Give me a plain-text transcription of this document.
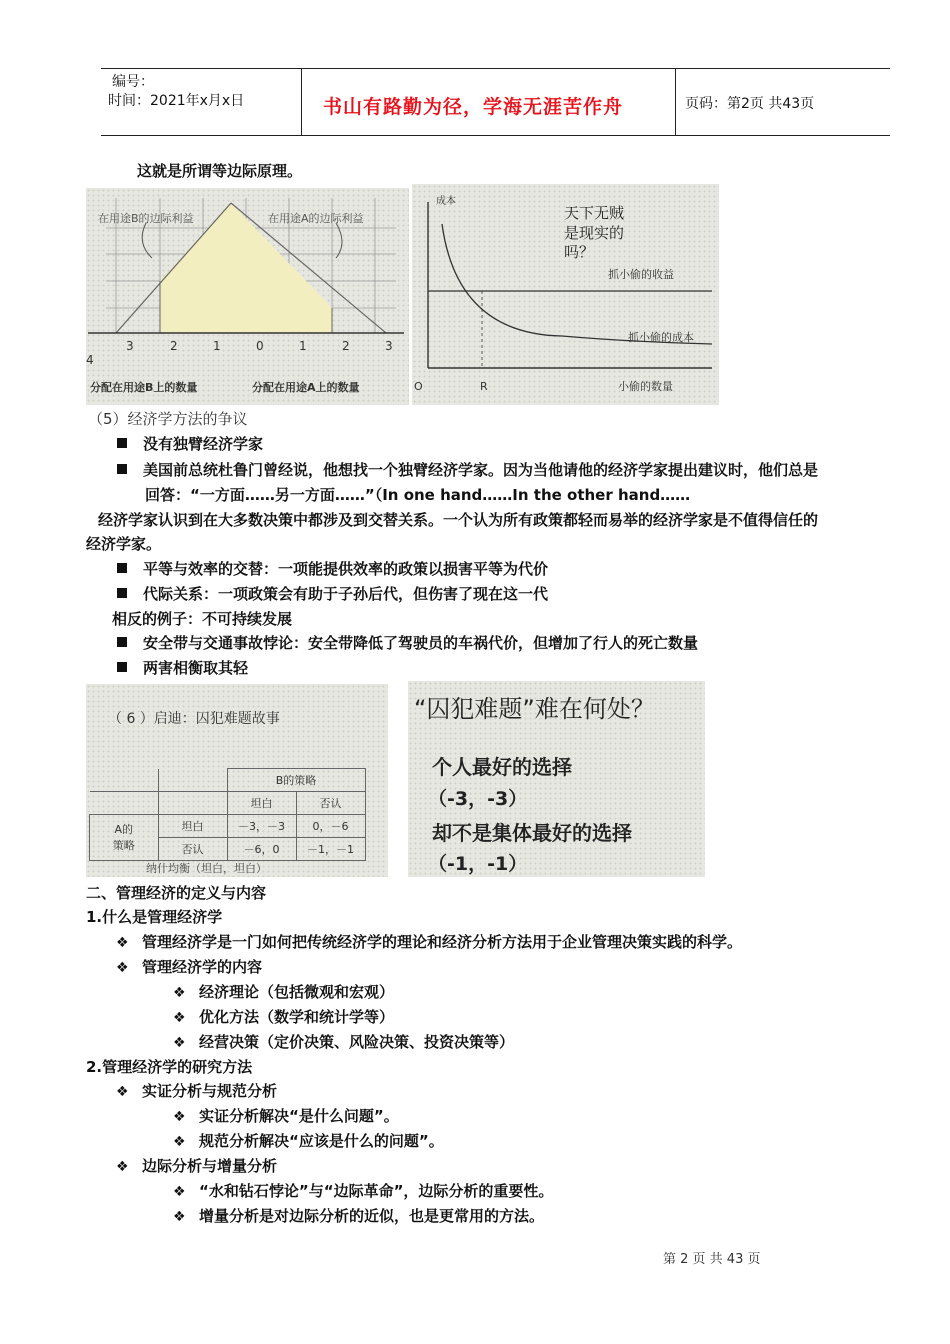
编号：
时间：2021年x月x日	书山有路勤为径，学海无涯苦作舟	页码：第2页 共43页
这就是所谓等边际原理。
在用途B的边际利益	在用途A的边际利益
3	2	1	0	1	2	3
4
分配在用途B上的数量	分配在用途A上的数量
成本
天下无贼
是现实的
吗？
抓小偷的收益
抓小偷的成本
O	R	小偷的数量
（5）经济学方法的争议
没有独臂经济学家
美国前总统杜鲁门曾经说，他想找一个独臂经济学家。因为当他请他的经济学家提出建议时，他们总是
回答：“一方面……另一方面……”（In one hand……In the other hand……
经济学家认识到在大多数决策中都涉及到交替关系。一个认为所有政策都轻而易举的经济学家是不值得信任的
经济学家。
平等与效率的交替：一项能提供效率的政策以损害平等为代价
代际关系：一项政策会有助于子孙后代，但伤害了现在这一代
相反的例子：不可持续发展
安全带与交通事故悖论：安全带降低了驾驶员的车祸代价，但增加了行人的死亡数量
两害相衡取其轻
（ 6 ）启迪：囚犯难题故事
		B的策略	
		坦白	否认
A的
策略	坦白	－3，－3	0，－6
	否认	－6，0	－1，－1
纳什均衡（坦白，坦白）
“囚犯难题”难在何处？
个人最好的选择
（-3，-3）
却不是集体最好的选择
（-1，-1）
二、管理经济的定义与内容
1.什么是管理经济学
❖ 管理经济学是一门如何把传统经济学的理论和经济分析方法用于企业管理决策实践的科学。
❖ 管理经济学的内容
❖ 经济理论（包括微观和宏观）
❖ 优化方法（数学和统计学等）
❖ 经营决策（定价决策、风险决策、投资决策等）
2.管理经济学的研究方法
❖ 实证分析与规范分析
❖ 实证分析解决“是什么问题”。
❖ 规范分析解决“应该是什么的问题”。
❖ 边际分析与增量分析
❖ “水和钻石悖论”与“边际革命”，边际分析的重要性。
❖ 增量分析是对边际分析的近似，也是更常用的方法。
第 2 页 共 43 页
